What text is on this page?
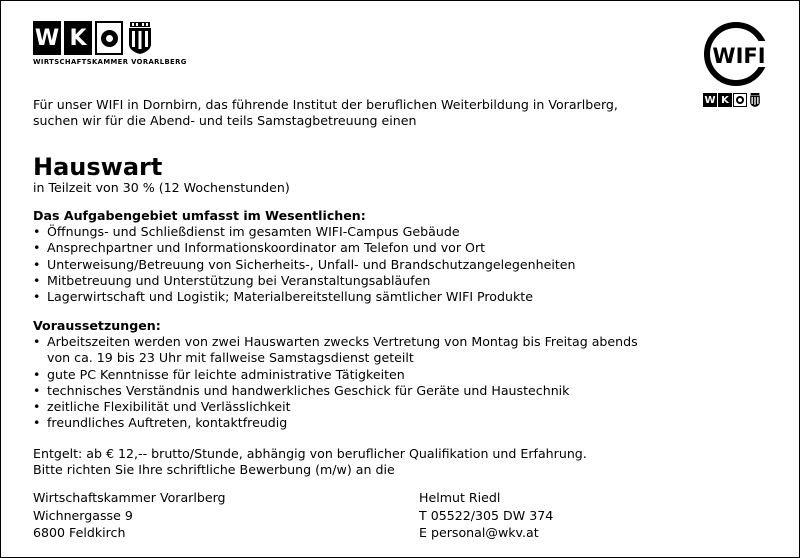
W K
WIRTSCHAFTSKAMMER VORARLBERG	WIFI
W K
Für unser WIFI in Dornbirn, das führende Institut der beruflichen Weiterbildung in Vorarlberg,
suchen wir für die Abend- und teils Samstagbetreuung einen
Hauswart
in Teilzeit von 30 % (12 Wochenstunden)
Das Aufgabengebiet umfasst im Wesentlichen:
• Öffnungs- und Schließdienst im gesamten WIFI-Campus Gebäude
• Ansprechpartner und Informationskoordinator am Telefon und vor Ort
• Unterweisung/Betreuung von Sicherheits-, Unfall- und Brandschutzangelegenheiten
• Mitbetreuung und Unterstützung bei Veranstaltungsabläufen
• Lagerwirtschaft und Logistik; Materialbereitstellung sämtlicher WIFI Produkte
Voraussetzungen:
• Arbeitszeiten werden von zwei Hauswarten zwecks Vertretung von Montag bis Freitag abends
von ca. 19 bis 23 Uhr mit fallweise Samstagsdienst geteilt
• gute PC Kenntnisse für leichte administrative Tätigkeiten
• technisches Verständnis und handwerkliches Geschick für Geräte und Haustechnik
• zeitliche Flexibilität und Verlässlichkeit
• freundliches Auftreten, kontaktfreudig
Entgelt: ab € 12,-- brutto/Stunde, abhängig von beruflicher Qualifikation und Erfahrung.
Bitte richten Sie Ihre schriftliche Bewerbung (m/w) an die
Wirtschaftskammer Vorarlberg
Wichnergasse 9
6800 Feldkirch
Helmut Riedl
T 05522/305 DW 374
E personal@wkv.at
